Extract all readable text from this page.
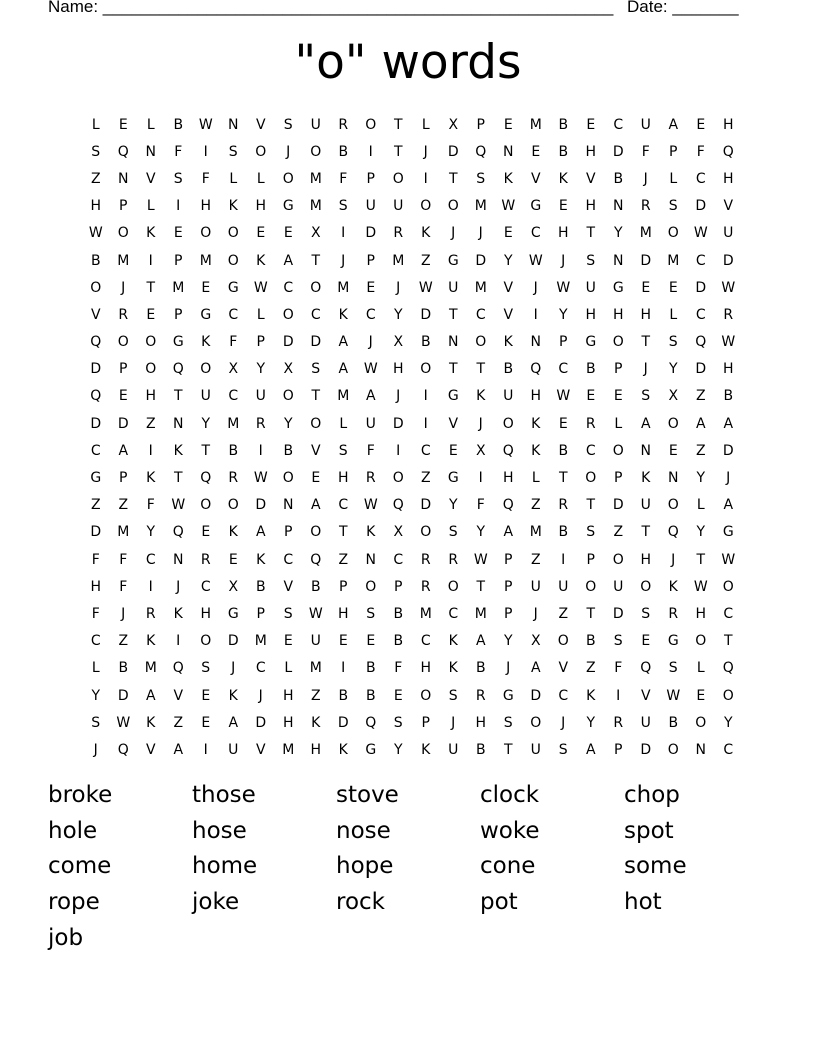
Name: ______________________________________________________ Date: _______
"o" words
L	E	L	B	W	N	V	S	U	R	O	T	L	X	P	E	M	B	E	C	U	A	E	H
S	Q	N	F	I	S	O	J	O	B	I	T	J	D	Q	N	E	B	H	D	F	P	F	Q
Z	N	V	S	F	L	L	O	M	F	P	O	I	T	S	K	V	K	V	B	J	L	C	H
H	P	L	I	H	K	H	G	M	S	U	U	O	O	M	W	G	E	H	N	R	S	D	V
W	O	K	E	O	O	E	E	X	I	D	R	K	J	J	E	C	H	T	Y	M	O	W	U
B	M	I	P	M	O	K	A	T	J	P	M	Z	G	D	Y	W	J	S	N	D	M	C	D
O	J	T	M	E	G	W	C	O	M	E	J	W	U	M	V	J	W	U	G	E	E	D	W
V	R	E	P	G	C	L	O	C	K	C	Y	D	T	C	V	I	Y	H	H	H	L	C	R
Q	O	O	G	K	F	P	D	D	A	J	X	B	N	O	K	N	P	G	O	T	S	Q	W
D	P	O	Q	O	X	Y	X	S	A	W	H	O	T	T	B	Q	C	B	P	J	Y	D	H
Q	E	H	T	U	C	U	O	T	M	A	J	I	G	K	U	H	W	E	E	S	X	Z	B
D	D	Z	N	Y	M	R	Y	O	L	U	D	I	V	J	O	K	E	R	L	A	O	A	A
C	A	I	K	T	B	I	B	V	S	F	I	C	E	X	Q	K	B	C	O	N	E	Z	D
G	P	K	T	Q	R	W	O	E	H	R	O	Z	G	I	H	L	T	O	P	K	N	Y	J
Z	Z	F	W	O	O	D	N	A	C	W	Q	D	Y	F	Q	Z	R	T	D	U	O	L	A
D	M	Y	Q	E	K	A	P	O	T	K	X	O	S	Y	A	M	B	S	Z	T	Q	Y	G
F	F	C	N	R	E	K	C	Q	Z	N	C	R	R	W	P	Z	I	P	O	H	J	T	W
H	F	I	J	C	X	B	V	B	P	O	P	R	O	T	P	U	U	O	U	O	K	W	O
F	J	R	K	H	G	P	S	W	H	S	B	M	C	M	P	J	Z	T	D	S	R	H	C
C	Z	K	I	O	D	M	E	U	E	E	B	C	K	A	Y	X	O	B	S	E	G	O	T
L	B	M	Q	S	J	C	L	M	I	B	F	H	K	B	J	A	V	Z	F	Q	S	L	Q
Y	D	A	V	E	K	J	H	Z	B	B	E	O	S	R	G	D	C	K	I	V	W	E	O
S	W	K	Z	E	A	D	H	K	D	Q	S	P	J	H	S	O	J	Y	R	U	B	O	Y
J	Q	V	A	I	U	V	M	H	K	G	Y	K	U	B	T	U	S	A	P	D	O	N	C
broke	those	stove	clock	chop
hole	hose	nose	woke	spot
come	home	hope	cone	some
rope	joke	rock	pot	hot
job
